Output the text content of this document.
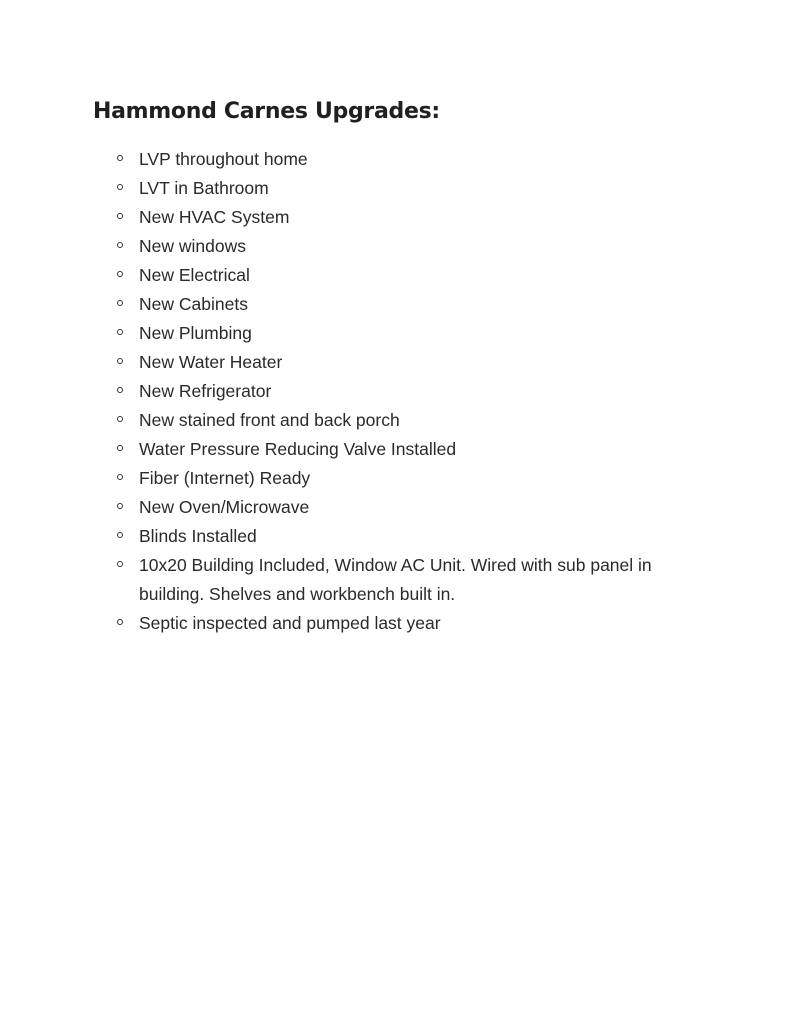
Hammond Carnes Upgrades:
LVP throughout home
LVT in Bathroom
New HVAC System
New windows
New Electrical
New Cabinets
New Plumbing
New Water Heater
New Refrigerator
New stained front and back porch
Water Pressure Reducing Valve Installed
Fiber (Internet) Ready
New Oven/Microwave
Blinds Installed
10x20 Building Included, Window AC Unit. Wired with sub panel in building. Shelves and workbench built in.
Septic inspected and pumped last year
